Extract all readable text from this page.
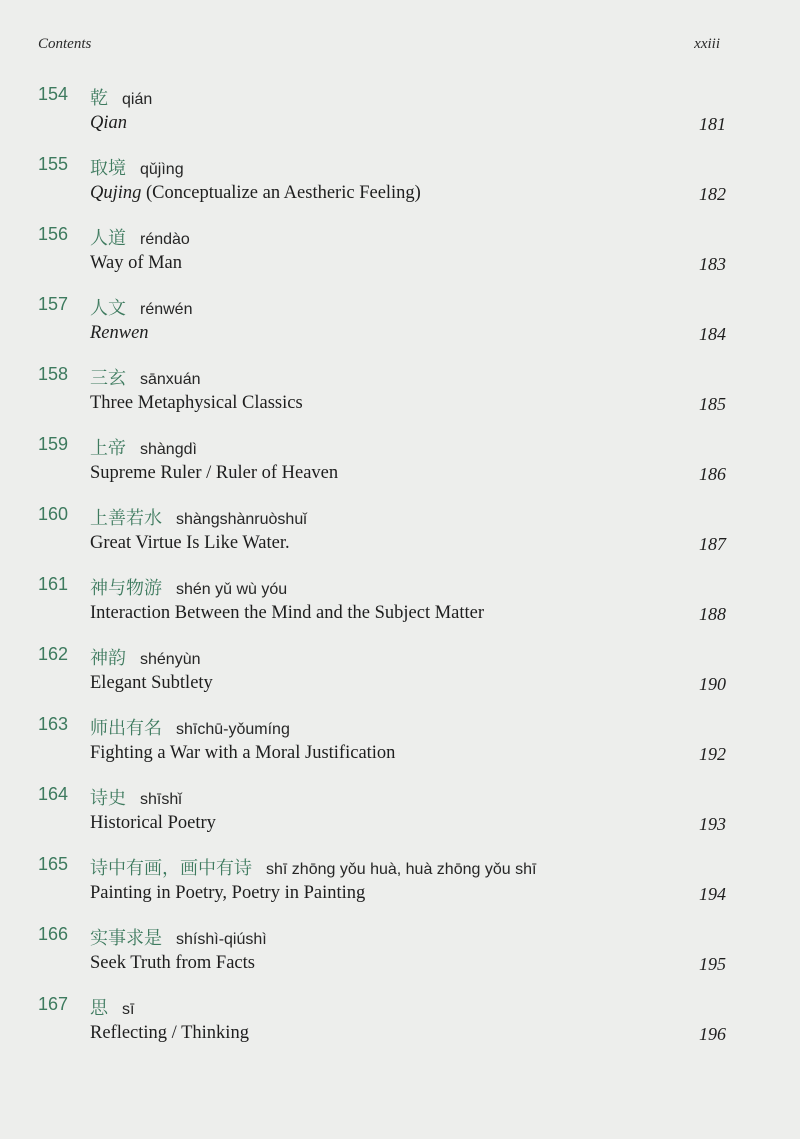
Contents	xxiii
154 乾 qián
Qian	181
155 取境 qǔjìng
Qujing (Conceptualize an Aestheric Feeling)	182
156 人道 réndào
Way of Man	183
157 人文 rénwén
Renwen	184
158 三玄 sānxuán
Three Metaphysical Classics	185
159 上帝 shàngdì
Supreme Ruler / Ruler of Heaven	186
160 上善若水 shàngshànruòshuǐ
Great Virtue Is Like Water.	187
161 神与物游 shén yǔ wù yóu
Interaction Between the Mind and the Subject Matter	188
162 神韵 shényùn
Elegant Subtlety	190
163 师出有名 shīchū-yǒumíng
Fighting a War with a Moral Justification	192
164 诗史 shīshǐ
Historical Poetry	193
165 诗中有画，画中有诗 shī zhōng yǒu huà, huà zhōng yǒu shī
Painting in Poetry, Poetry in Painting	194
166 实事求是 shíshì-qiúshì
Seek Truth from Facts	195
167 思 sī
Reflecting / Thinking	196
